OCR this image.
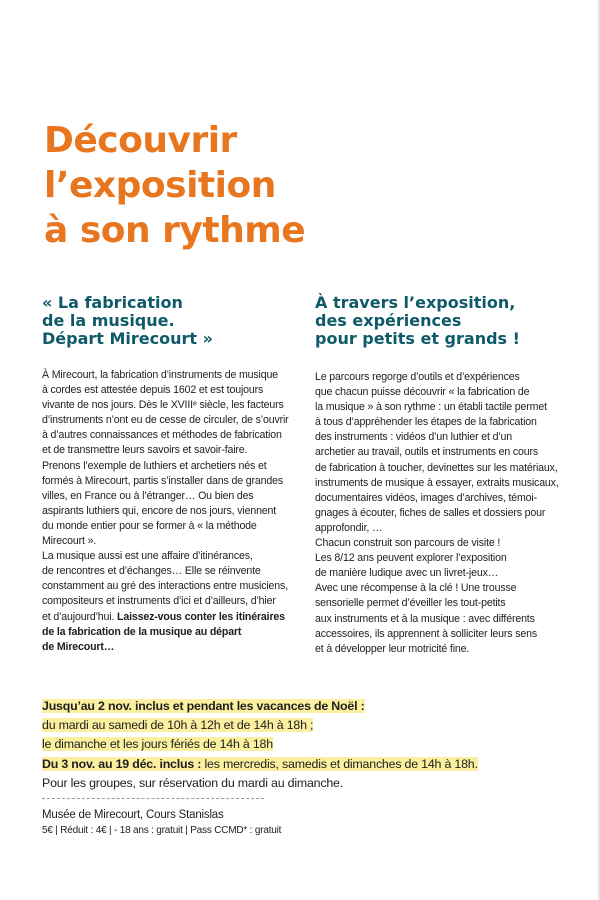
Découvrir
l’exposition
à son rythme
« La fabrication
de la musique.
Départ Mirecourt »
À Mirecourt, la fabrication d’instruments de musique
à cordes est attestée depuis 1602 et est toujours
vivante de nos jours. Dès le XVIIIᵉ siècle, les facteurs
d’instruments n’ont eu de cesse de circuler, de s’ouvrir
à d’autres connaissances et méthodes de fabrication
et de transmettre leurs savoirs et savoir-faire.
Prenons l’exemple de luthiers et archetiers nés et
formés à Mirecourt, partis s’installer dans de grandes
villes, en France ou à l’étranger… Ou bien des
aspirants luthiers qui, encore de nos jours, viennent
du monde entier pour se former à « la méthode
Mirecourt ».
La musique aussi est une affaire d’itinérances,
de rencontres et d’échanges… Elle se réinvente
constamment au gré des interactions entre musiciens,
compositeurs et instruments d’ici et d’ailleurs, d’hier
et d’aujourd’hui. Laissez-vous conter les itinéraires
de la fabrication de la musique au départ
de Mirecourt…
À travers l’exposition,
des expériences
pour petits et grands !
Le parcours regorge d’outils et d’expériences
que chacun puisse découvrir « la fabrication de
la musique » à son rythme : un établi tactile permet
à tous d’appréhender les étapes de la fabrication
des instruments : vidéos d’un luthier et d’un
archetier au travail, outils et instruments en cours
de fabrication à toucher, devinettes sur les matériaux,
instruments de musique à essayer, extraits musicaux,
documentaires vidéos, images d’archives, témoi-
gnages à écouter, fiches de salles et dossiers pour
approfondir, …
Chacun construit son parcours de visite !
Les 8/12 ans peuvent explorer l’exposition
de manière ludique avec un livret-jeux…
Avec une récompense à la clé ! Une trousse
sensorielle permet d’éveiller les tout-petits
aux instruments et à la musique : avec différents
accessoires, ils apprennent à solliciter leurs sens
et à développer leur motricité fine.
Jusqu’au 2 nov. inclus et pendant les vacances de Noël :
du mardi au samedi de 10h à 12h et de 14h à 18h ;
le dimanche et les jours fériés de 14h à 18h
Du 3 nov. au 19 déc. inclus : les mercredis, samedis et dimanches de 14h à 18h.
Pour les groupes, sur réservation du mardi au dimanche.
Musée de Mirecourt, Cours Stanislas
5€ | Réduit : 4€ | - 18 ans : gratuit | Pass CCMD* : gratuit
